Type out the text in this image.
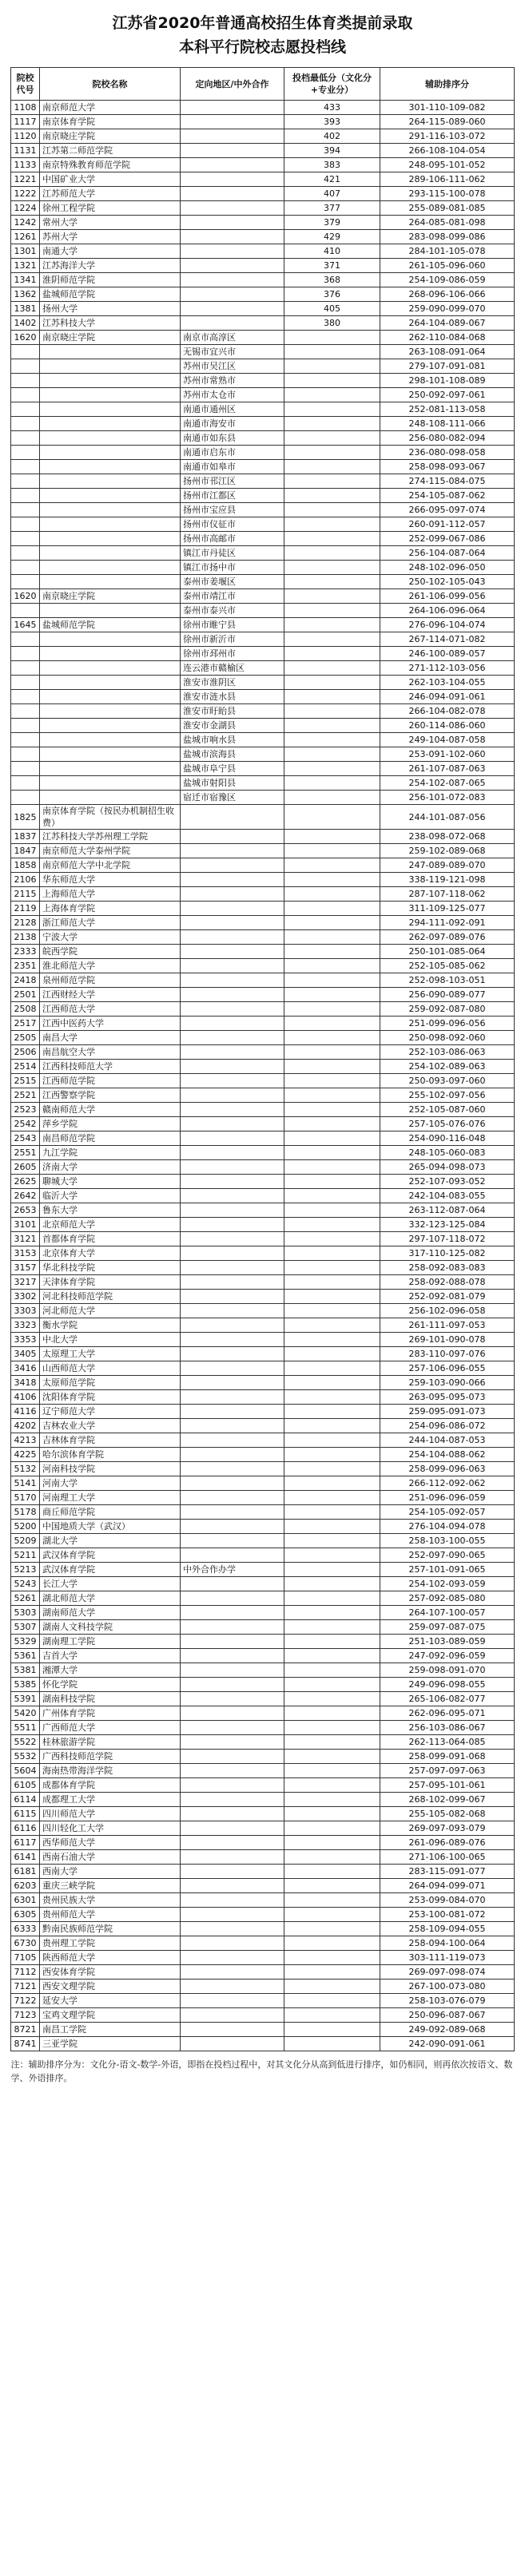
江苏省2020年普通高校招生体育类提前录取
本科平行院校志愿投档线
院校代号	院校名称	定向地区/中外合作	投档最低分（文化分+专业分）	辅助排序分
1108	南京师范大学		433	301-110-109-082
1117	南京体育学院		393	264-115-089-060
1120	南京晓庄学院		402	291-116-103-072
1131	江苏第二师范学院		394	266-108-104-054
1133	南京特殊教育师范学院		383	248-095-101-052
1221	中国矿业大学		421	289-106-111-062
1222	江苏师范大学		407	293-115-100-078
1224	徐州工程学院		377	255-089-081-085
1242	常州大学		379	264-085-081-098
1261	苏州大学		429	283-098-099-086
1301	南通大学		410	284-101-105-078
1321	江苏海洋大学		371	261-105-096-060
1341	淮阴师范学院		368	254-109-086-059
1362	盐城师范学院		376	268-096-106-066
1381	扬州大学		405	259-090-099-070
1402	江苏科技大学		380	264-104-089-067
1620	南京晓庄学院	南京市高淳区		262-110-084-068
		无锡市宜兴市		263-108-091-064
		苏州市吴江区		279-107-091-081
		苏州市常熟市		298-101-108-089
		苏州市太仓市		250-092-097-061
		南通市通州区		252-081-113-058
		南通市海安市		248-108-111-066
		南通市如东县		256-080-082-094
		南通市启东市		236-080-098-058
		南通市如皋市		258-098-093-067
		扬州市邗江区		274-115-084-075
		扬州市江都区		254-105-087-062
		扬州市宝应县		266-095-097-074
		扬州市仪征市		260-091-112-057
		扬州市高邮市		252-099-067-086
		镇江市丹徒区		256-104-087-064
		镇江市扬中市		248-102-096-050
		泰州市姜堰区		250-102-105-043
1620	南京晓庄学院	泰州市靖江市		261-106-099-056
		泰州市泰兴市		264-106-096-064
1645	盐城师范学院	徐州市睢宁县		276-096-104-074
		徐州市新沂市		267-114-071-082
		徐州市邳州市		246-100-089-057
		连云港市赣榆区		271-112-103-056
		淮安市淮阴区		262-103-104-055
		淮安市涟水县		246-094-091-061
		淮安市盱眙县		266-104-082-078
		淮安市金湖县		260-114-086-060
		盐城市响水县		249-104-087-058
		盐城市滨海县		253-091-102-060
		盐城市阜宁县		261-107-087-063
		盐城市射阳县		254-102-087-065
		宿迁市宿豫区		256-101-072-083
1825	南京体育学院（按民办机制招生收费）			244-101-087-056
1837	江苏科技大学苏州理工学院			238-098-072-068
1847	南京师范大学泰州学院			259-102-089-068
1858	南京师范大学中北学院			247-089-089-070
2106	华东师范大学			338-119-121-098
2115	上海师范大学			287-107-118-062
2119	上海体育学院			311-109-125-077
2128	浙江师范大学			294-111-092-091
2138	宁波大学			262-097-089-076
2333	皖西学院			250-101-085-064
2351	淮北师范大学			252-105-085-062
2418	泉州师范学院			252-098-103-051
2501	江西财经大学			256-090-089-077
2508	江西师范大学			259-092-087-080
2517	江西中医药大学			251-099-096-056
2505	南昌大学			250-098-092-060
2506	南昌航空大学			252-103-086-063
2514	江西科技师范大学			254-102-089-063
2515	江西师范学院			250-093-097-060
2521	江西警察学院			255-102-097-056
2523	赣南师范大学			252-105-087-060
2542	萍乡学院			257-105-076-076
2543	南昌师范学院			254-090-116-048
2551	九江学院			248-105-060-083
2605	济南大学			265-094-098-073
2625	聊城大学			252-107-093-052
2642	临沂大学			242-104-083-055
2653	鲁东大学			263-112-087-064
3101	北京师范大学			332-123-125-084
3121	首都体育学院			297-107-118-072
3153	北京体育大学			317-110-125-082
3157	华北科技学院			258-092-083-083
3217	天津体育学院			258-092-088-078
3302	河北科技师范学院			252-092-081-079
3303	河北师范大学			256-102-096-058
3323	衡水学院			261-111-097-053
3353	中北大学			269-101-090-078
3405	太原理工大学			283-110-097-076
3416	山西师范大学			257-106-096-055
3418	太原师范学院			259-103-090-066
4106	沈阳体育学院			263-095-095-073
4116	辽宁师范大学			259-095-091-073
4202	吉林农业大学			254-096-086-072
4213	吉林体育学院			244-104-087-053
4225	哈尔滨体育学院			254-104-088-062
5132	河南科技学院			258-099-096-063
5141	河南大学			266-112-092-062
5170	河南理工大学			251-096-096-059
5178	商丘师范学院			254-105-092-057
5200	中国地质大学（武汉）			276-104-094-078
5209	湖北大学			258-103-100-055
5211	武汉体育学院			252-097-090-065
5213	武汉体育学院	中外合作办学		257-101-091-065
5243	长江大学			254-102-093-059
5261	湖北师范大学			257-092-085-080
5303	湖南师范大学			264-107-100-057
5307	湖南人文科技学院			259-097-087-075
5329	湖南理工学院			251-103-089-059
5361	吉首大学			247-092-096-059
5381	湘潭大学			259-098-091-070
5385	怀化学院			249-096-098-055
5391	湖南科技学院			265-106-082-077
5420	广州体育学院			262-096-095-071
5511	广西师范大学			256-103-086-067
5522	桂林旅游学院			262-113-064-085
5532	广西科技师范学院			258-099-091-068
5604	海南热带海洋学院			257-097-097-063
6105	成都体育学院			257-095-101-061
6114	成都理工大学			268-102-099-067
6115	四川师范大学			255-105-082-068
6116	四川轻化工大学			269-097-093-079
6117	西华师范大学			261-096-089-076
6141	西南石油大学			271-106-100-065
6181	西南大学			283-115-091-077
6203	重庆三峡学院			264-094-099-071
6301	贵州民族大学			253-099-084-070
6305	贵州师范大学			253-100-081-072
6333	黔南民族师范学院			258-109-094-055
6730	贵州理工学院			258-094-100-064
7105	陕西师范大学			303-111-119-073
7112	西安体育学院			269-097-098-074
7121	西安文理学院			267-100-073-080
7122	延安大学			258-103-076-079
7123	宝鸡文理学院			250-096-087-067
8721	南昌工学院			249-092-089-068
8741	三亚学院			242-090-091-061
注：辅助排序分为：文化分-语文-数学-外语，即指在投档过程中，对其文化分从高到低进行排序，如仍相同，则再依次按语文、数学、外语排序。
